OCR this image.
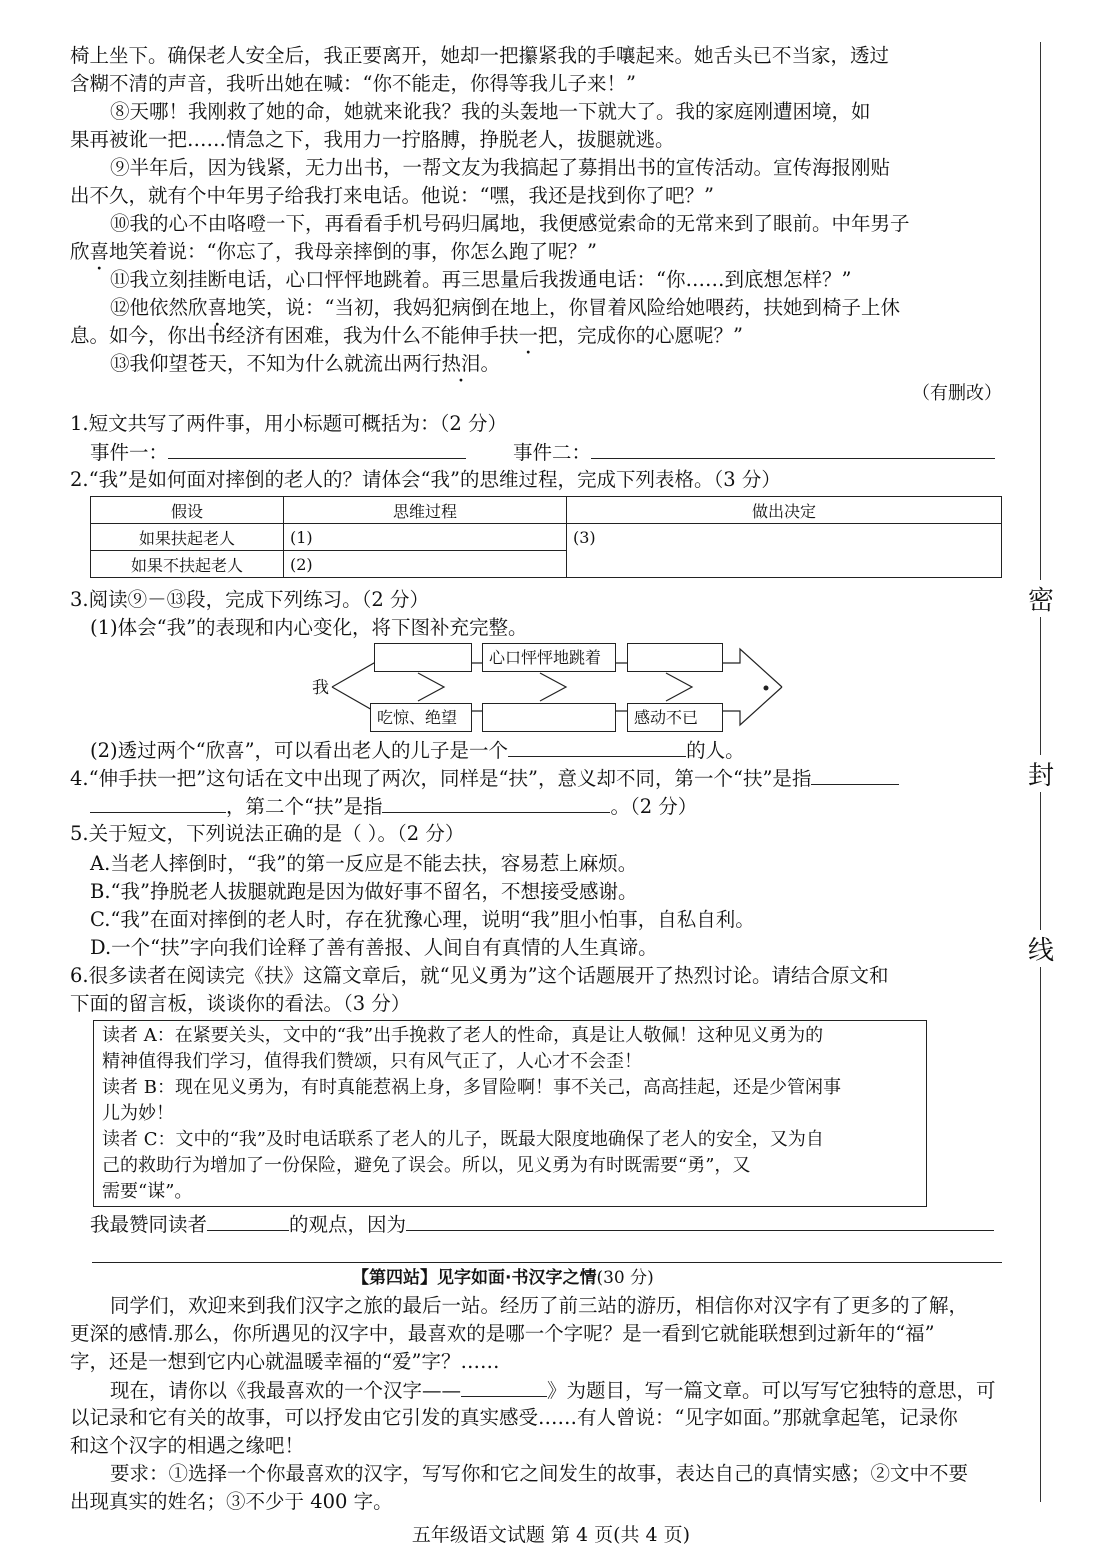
密
封
线
椅上坐下。确保老人安全后，我正要离开，她却一把攥紧我的手嚷起来。她舌头已不当家，透过
含糊不清的声音，我听出她在喊：“你不能走，你得等我儿子来！”
⑧天哪！我刚救了她的命，她就来讹我？我的头轰地一下就大了。我的家庭刚遭困境，如
果再被讹一把……情急之下，我用力一拧胳膊，挣脱老人，拔腿就逃。
⑨半年后，因为钱紧，无力出书，一帮文友为我搞起了募捐出书的宣传活动。宣传海报刚贴
出不久，就有个中年男子给我打来电话。他说：“嘿，我还是找到你了吧？”
⑩我的心不由咯噔一下，再看看手机号码归属地，我便感觉索命的无常来到了眼前。中年男子
欣喜地笑着说：“你忘了，我母亲摔倒的事，你怎么跑了呢？”
⑪我立刻挂断电话，心口怦怦地跳着。再三思量后我拨通电话：“你……到底想怎样？”
⑫他依然欣喜地笑，说：“当初，我妈犯病倒在地上，你冒着风险给她喂药，扶她到椅子上休
息。如今，你出书经济有困难，我为什么不能伸手扶一把，完成你的心愿呢？”
⑬我仰望苍天，不知为什么就流出两行热泪。
（有删改）
1.短文共写了两件事，用小标题可概括为：（2 分）
事件一：	事件二：
2.“我”是如何面对摔倒的老人的？请体会“我”的思维过程，完成下列表格。（3 分）
假设	思维过程	做出决定
如果扶起老人	(1)	(3)
如果不扶起老人	(2)	
3.阅读⑨－⑬段，完成下列练习。（2 分）
(1)体会“我”的表现和内心变化，将下图补充完整。
我
心口怦怦地跳着
吃惊、绝望	感动不已
(2)透过两个“欣喜”，可以看出老人的儿子是一个	的人。
4.“伸手扶一把”这句话在文中出现了两次，同样是“扶”，意义却不同，第一个“扶”是指
，第二个“扶”是指	。（2 分）
5.关于短文，下列说法正确的是（ ）。（2 分）
A.当老人摔倒时，“我”的第一反应是不能去扶，容易惹上麻烦。
B.“我”挣脱老人拔腿就跑是因为做好事不留名，不想接受感谢。
C.“我”在面对摔倒的老人时，存在犹豫心理，说明“我”胆小怕事，自私自利。
D.一个“扶”字向我们诠释了善有善报、人间自有真情的人生真谛。
6.很多读者在阅读完《扶》这篇文章后，就“见义勇为”这个话题展开了热烈讨论。请结合原文和
下面的留言板，谈谈你的看法。（3 分）
读者 A：在紧要关头，文中的“我”出手挽救了老人的性命，真是让人敬佩！这种见义勇为的
精神值得我们学习，值得我们赞颂，只有风气正了，人心才不会歪！
读者 B：现在见义勇为，有时真能惹祸上身，多冒险啊！事不关己，高高挂起，还是少管闲事
儿为妙！
读者 C：文中的“我”及时电话联系了老人的儿子，既最大限度地确保了老人的安全，又为自
己的救助行为增加了一份保险，避免了误会。所以，见义勇为有时既需要“勇”，又
需要“谋”。
我最赞同读者	的观点，因为
【第四站】见字如面·书汉字之情(30 分)
同学们，欢迎来到我们汉字之旅的最后一站。经历了前三站的游历，相信你对汉字有了更多的了解，
更深的感情.那么，你所遇见的汉字中，最喜欢的是哪一个字呢？是一看到它就能联想到过新年的“福”
字，还是一想到它内心就温暖幸福的“爱”字？……
现在，请你以《我最喜欢的一个汉字——	》为题目，写一篇文章。可以写写它独特的意思，可
以记录和它有关的故事，可以抒发由它引发的真实感受……有人曾说：“见字如面。”那就拿起笔，记录你
和这个汉字的相遇之缘吧！
要求：①选择一个你最喜欢的汉字，写写你和它之间发生的故事，表达自己的真情实感；②文中不要
出现真实的姓名；③不少于 400 字。
五年级语文试题 第 4 页(共 4 页)
